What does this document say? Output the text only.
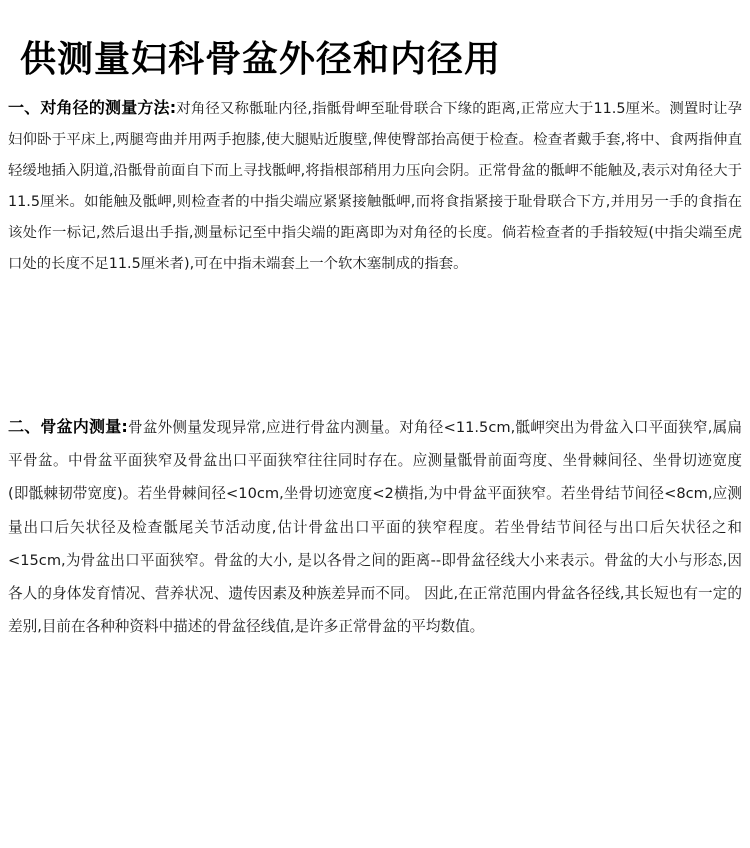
供测量妇科骨盆外径和内径用

一、对角径的测量方法:对角径又称骶耻内径,指骶骨岬至耻骨联合下缘的距离,正常应大于11.5厘米。测置时让孕妇仰卧于平床上,两腿弯曲并用两手抱膝,使大腿贴近腹壁,俾使臀部抬高便于检查。检查者戴手套,将中、食两指伸直轻缓地插入阴道,沿骶骨前面自下而上寻找骶岬,将指根部稍用力压向会阴。正常骨盆的骶岬不能触及,表示对角径大于11.5厘米。如能触及骶岬,则检查者的中指尖端应紧紧接触骶岬,而将食指紧接于耻骨联合下方,并用另一手的食指在该处作一标记,然后退出手指,测量标记至中指尖端的距离即为对角径的长度。倘若检查者的手指较短(中指尖端至虎口处的长度不足11.5厘米者),可在中指未端套上一个软木塞制成的指套。

二、骨盆内测量:骨盆外侧量发现异常,应进行骨盆内测量。对角径<11.5cm,骶岬突出为骨盆入口平面狭窄,属扁平骨盆。中骨盆平面狭窄及骨盆出口平面狭窄往往同时存在。应测量骶骨前面弯度、坐骨棘间径、坐骨切迹宽度(即骶棘韧带宽度)。若坐骨棘间径<10cm,坐骨切迹宽度<2横指,为中骨盆平面狭窄。若坐骨结节间径<8cm,应测量出口后矢状径及检查骶尾关节活动度,估计骨盆出口平面的狭窄程度。若坐骨结节间径与出口后矢状径之和<15cm,为骨盆出口平面狭窄。骨盆的大小, 是以各骨之间的距离--即骨盆径线大小来表示。骨盆的大小与形态,因各人的身体发育情况、营养状况、遗传因素及种族差异而不同。 因此,在正常范围内骨盆各径线,其长短也有一定的差别,目前在各种种资料中描述的骨盆径线值,是许多正常骨盆的平均数值。
